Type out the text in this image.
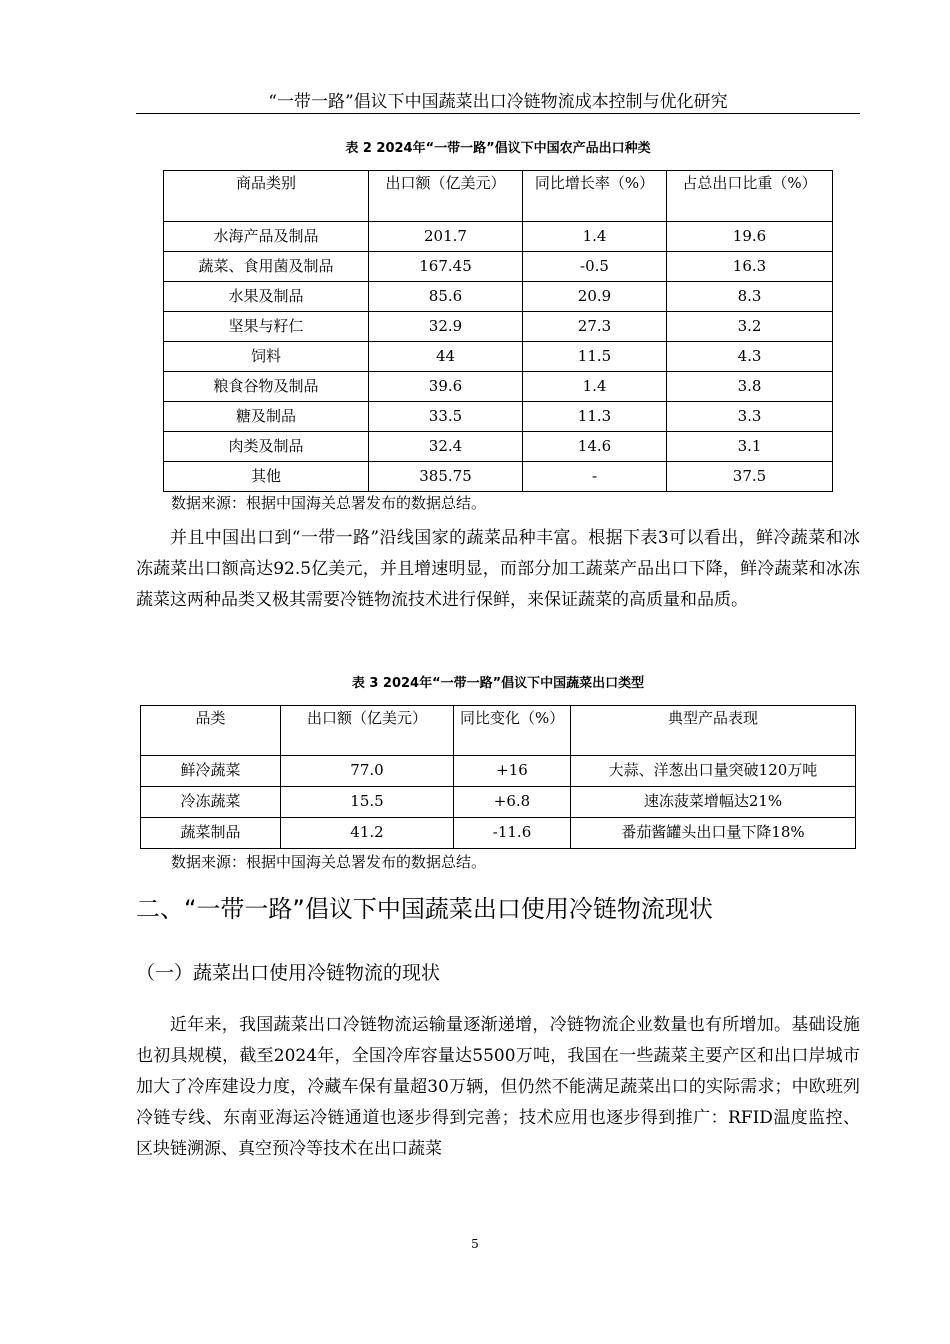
“一带一路”倡议下中国蔬菜出口冷链物流成本控制与优化研究
表 2 2024年“一带一路”倡议下中国农产品出口种类
商品类别	出口额（亿美元）	同比增长率（%）	占总出口比重（%）
水海产品及制品	201.7	1.4	19.6
蔬菜、食用菌及制品	167.45	-0.5	16.3
水果及制品	85.6	20.9	8.3
坚果与籽仁	32.9	27.3	3.2
饲料	44	11.5	4.3
粮食谷物及制品	39.6	1.4	3.8
糖及制品	33.5	11.3	3.3
肉类及制品	32.4	14.6	3.1
其他	385.75	-	37.5
数据来源：根据中国海关总署发布的数据总结。

并且中国出口到“一带一路”沿线国家的蔬菜品种丰富。根据下表3可以看出，鲜冷蔬菜和冰冻蔬菜出口额高达92.5亿美元，并且增速明显，而部分加工蔬菜产品出口下降，鲜冷蔬菜和冰冻蔬菜这两种品类又极其需要冷链物流技术进行保鲜，来保证蔬菜的高质量和品质。

表 3 2024年“一带一路”倡议下中国蔬菜出口类型
品类	出口额（亿美元）	同比变化（%）	典型产品表现
鲜冷蔬菜	77.0	+16	大蒜、洋葱出口量突破120万吨
冷冻蔬菜	15.5	+6.8	速冻菠菜增幅达21%
蔬菜制品	41.2	-11.6	番茄酱罐头出口量下降18%
数据来源：根据中国海关总署发布的数据总结。
二、“一带一路”倡议下中国蔬菜出口使用冷链物流现状
（一）蔬菜出口使用冷链物流的现状

近年来，我国蔬菜出口冷链物流运输量逐渐递增，冷链物流企业数量也有所增加。基础设施也初具规模，截至2024年，全国冷库容量达5500万吨，我国在一些蔬菜主要产区和出口岸城市加大了冷库建设力度，冷藏车保有量超30万辆，但仍然不能满足蔬菜出口的实际需求；中欧班列冷链专线、东南亚海运冷链通道也逐步得到完善；技术应用也逐步得到推广：RFID温度监控、区块链溯源、真空预冷等技术在出口蔬菜

5
